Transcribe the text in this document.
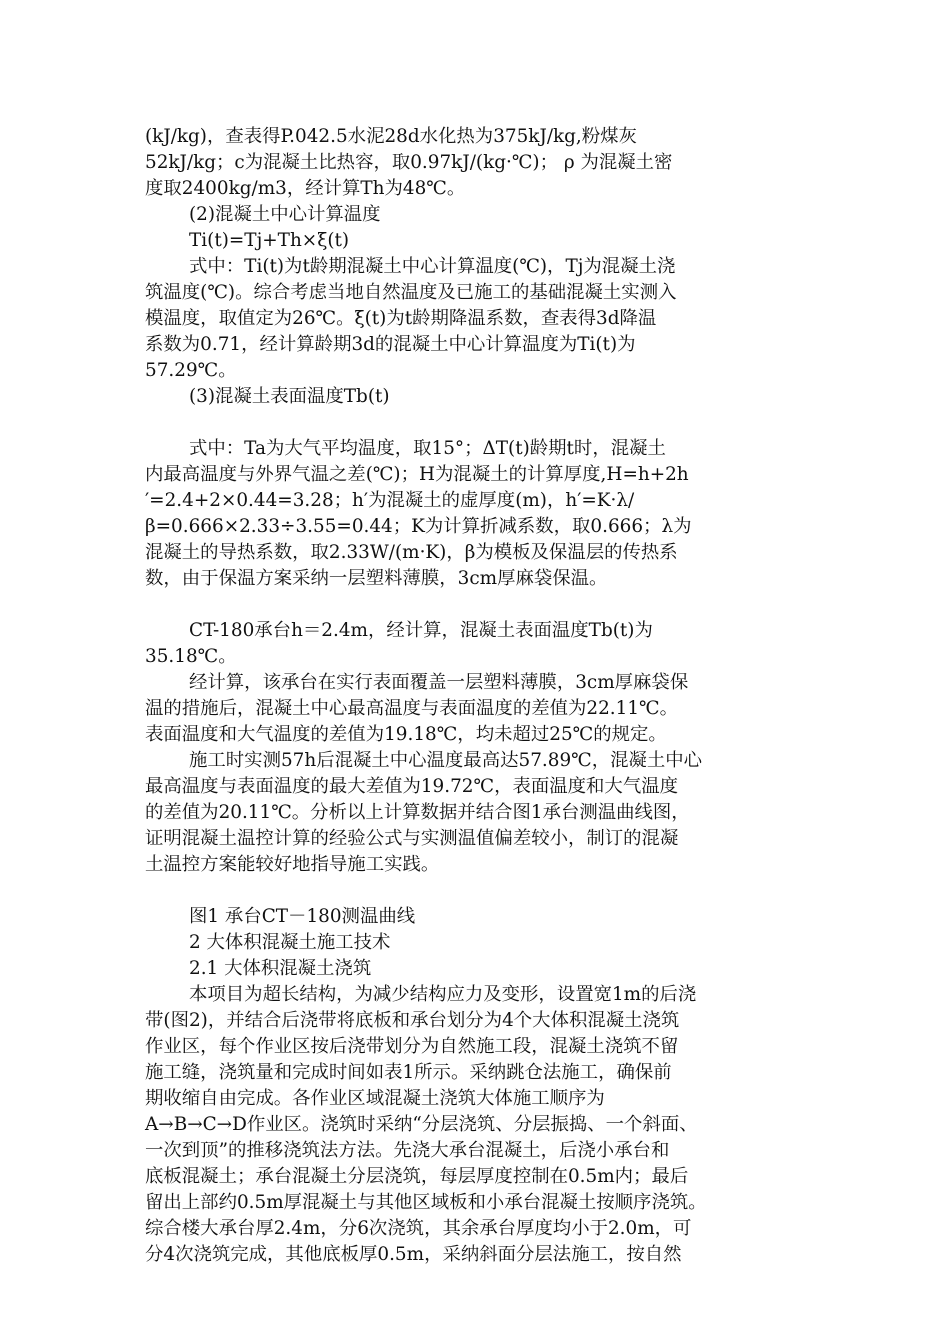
(kJ/kg)，查表得P.042.5水泥28d水化热为375kJ/kg,粉煤灰
52kJ/kg；c为混凝土比热容，取0.97kJ/(kg·℃)； ρ 为混凝土密
度取2400kg/m3，经计算Th为48℃。
(2)混凝土中心计算温度
Ti(t)=Tj+Th×ξ(t)
式中：Ti(t)为t龄期混凝土中心计算温度(℃)，Tj为混凝土浇
筑温度(℃)。综合考虑当地自然温度及已施工的基础混凝土实测入
模温度，取值定为26℃。ξ(t)为t龄期降温系数，查表得3d降温
系数为0.71，经计算龄期3d的混凝土中心计算温度为Ti(t)为
57.29℃。
(3)混凝土表面温度Tb(t)
式中：Ta为大气平均温度，取15°；ΔT(t)龄期t时，混凝土
内最高温度与外界气温之差(℃)；H为混凝土的计算厚度,H=h+2h
′=2.4+2×0.44=3.28；h′为混凝土的虚厚度(m)，h′=K·λ/
β=0.666×2.33÷3.55=0.44；K为计算折减系数，取0.666；λ为
混凝土的导热系数，取2.33W/(m·K)，β为模板及保温层的传热系
数，由于保温方案采纳一层塑料薄膜，3cm厚麻袋保温。
CT-180承台h＝2.4m，经计算，混凝土表面温度Tb(t)为
35.18℃。
经计算，该承台在实行表面覆盖一层塑料薄膜，3cm厚麻袋保
温的措施后，混凝土中心最高温度与表面温度的差值为22.11℃。
表面温度和大气温度的差值为19.18℃，均未超过25℃的规定。
施工时实测57h后混凝土中心温度最高达57.89℃，混凝土中心
最高温度与表面温度的最大差值为19.72℃，表面温度和大气温度
的差值为20.11℃。分析以上计算数据并结合图1承台测温曲线图，
证明混凝土温控计算的经验公式与实测温值偏差较小，制订的混凝
土温控方案能较好地指导施工实践。
图1 承台CT－180测温曲线
2 大体积混凝土施工技术
2.1 大体积混凝土浇筑
本项目为超长结构，为减少结构应力及变形，设置宽1m的后浇
带(图2)，并结合后浇带将底板和承台划分为4个大体积混凝土浇筑
作业区，每个作业区按后浇带划分为自然施工段，混凝土浇筑不留
施工缝，浇筑量和完成时间如表1所示。采纳跳仓法施工，确保前
期收缩自由完成。各作业区域混凝土浇筑大体施工顺序为
A→B→C→D作业区。浇筑时采纳“分层浇筑、分层振捣、一个斜面、
一次到顶”的推移浇筑法方法。先浇大承台混凝土，后浇小承台和
底板混凝土；承台混凝土分层浇筑，每层厚度控制在0.5m内；最后
留出上部约0.5m厚混凝土与其他区域板和小承台混凝土按顺序浇筑。
综合楼大承台厚2.4m，分6次浇筑，其余承台厚度均小于2.0m，可
分4次浇筑完成，其他底板厚0.5m，采纳斜面分层法施工，按自然
